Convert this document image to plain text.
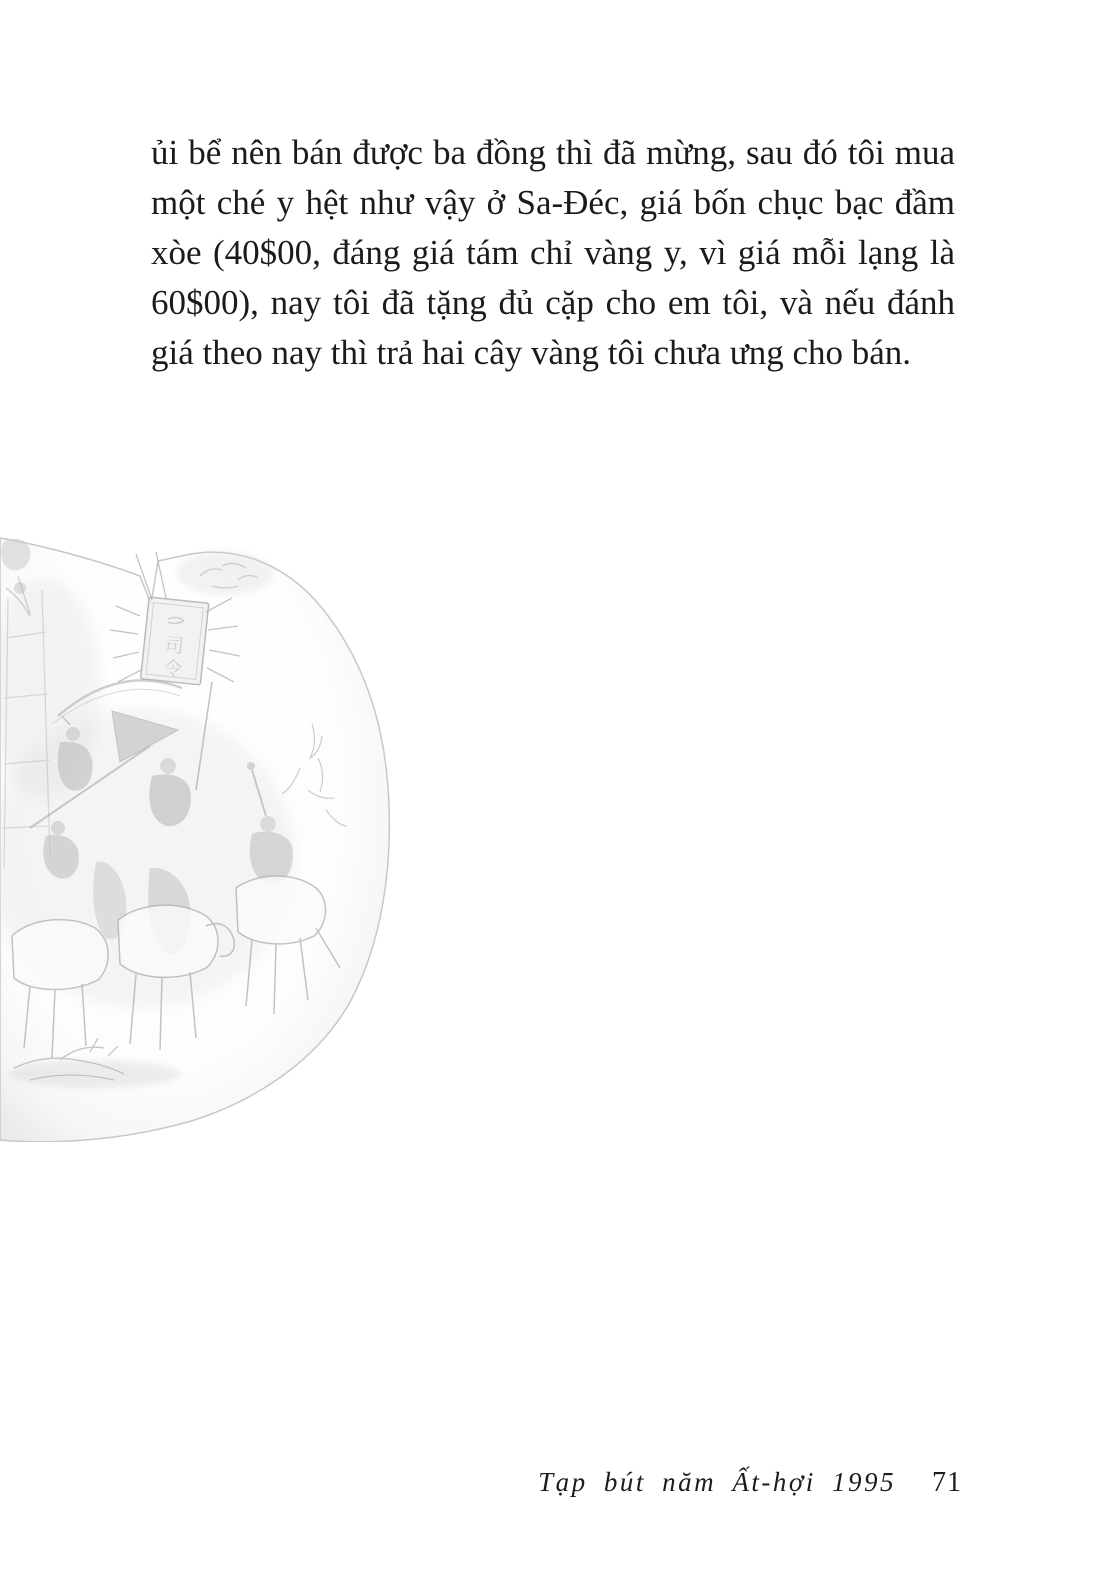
ủi bể nên bán được ba đồng thì đã mừng, sau đó tôi mua
một ché y hệt như vậy ở Sa-Đéc, giá bốn chục bạc đầm
xòe (40$00, đáng giá tám chỉ vàng y, vì giá mỗi lạng là
60$00), nay tôi đã tặng đủ cặp cho em tôi, và nếu đánh
giá theo nay thì trả hai cây vàng tôi chưa ưng cho bán.
司
令
Tạp bút năm Ất-hợi 1995 71
